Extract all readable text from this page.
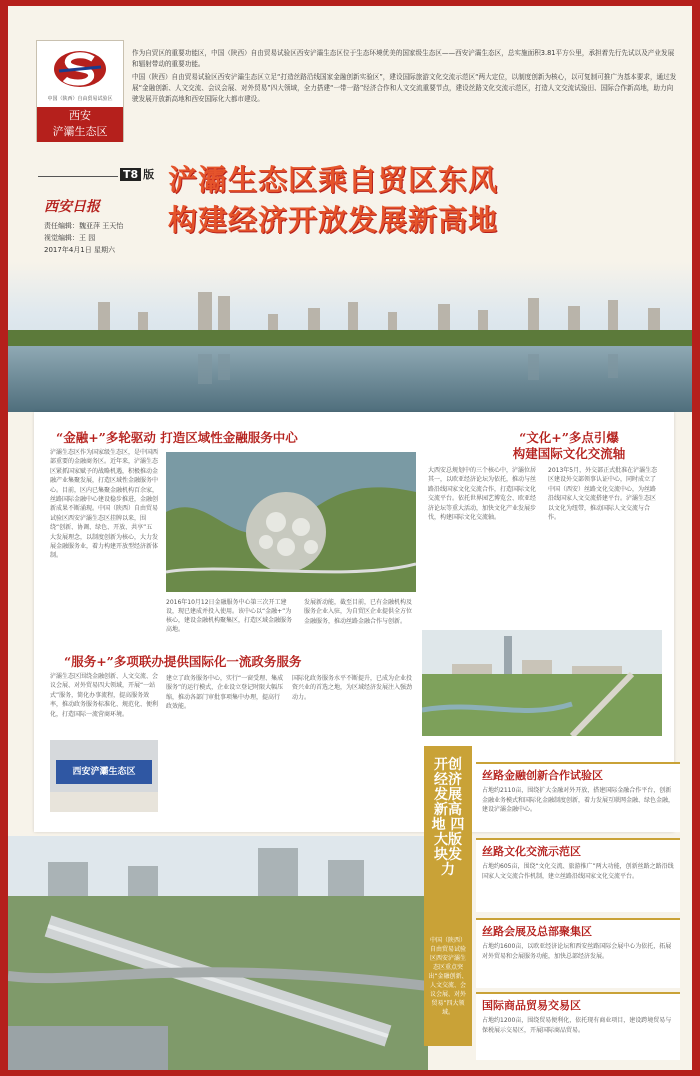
中国（陕西）自由贸易试验区
西安
浐灞生态区

作为自贸区的重要功能区，中国（陕西）自由贸易试验区西安浐灞生态区位于生态环境优美的国家级生态区——西安浐灞生态区，总实施面积3.81平方公里，承担着先行先试以及产业发展和辐射带动的重要功能。

中国（陕西）自由贸易试验区西安浐灞生态区立足“打造丝路沿线国家金融创新实验区”，建设国际旅游文化交流示范区“两大定位，以制度创新为核心，以可复制可推广为基本要求，通过发展“金融创新、人文交流、会议会展、对外贸易”四大领域，全力搭建“一带一路”经济合作和人文交流重要节点，建设丝路文化交流示范区，打造人文交流试验田、国际合作新高地，助力向驶发展开放新高地和西安国际化大都市建设。

T8 版
西安日报
责任编辑：魏亚萍 王天怡
视觉编辑：王 园
2017年4月1日 星期六
浐灞生态区乘自贸区东风
构建经济开放发展新高地
“金融+”多轮驱动 打造区域性金融服务中心
浐灞生态区作为国家级生态区，是中国西部重要的金融商务区。近年来，浐灞生态区紧抓国家赋予的战略机遇，积极推动金融产业集聚发展，打造区域性金融服务中心。目前，区内已集聚金融机构百余家，丝路国际金融中心建设稳步推进，金融创新成果不断涌现。中国（陕西）自由贸易试验区西安浐灞生态区挂牌以来，围绕“创新、协调、绿色、开放、共享”五大发展理念，以制度创新为核心，大力发展金融服务业，着力构建开放型经济新体制。
2016年10月12日金融服务中心第三次开工建设，现已建成并投入使用。该中心以“金融+”为核心，建设金融机构聚集区，打造区域金融服务高地。
发展新动能，截至目前，已有金融机构及服务企业入驻，为自贸区企业提供全方位金融服务，推动丝路金融合作与创新。
“文化+”多点引爆
构建国际文化交流轴
大西安总规划中的三个核心中，浐灞位居其一，以欧亚经济论坛为依托，推动与丝路沿线国家文化交流合作，打造国际文化交流平台。依托世界园艺博览会、欧亚经济论坛等重大活动，加快文化产业发展步伐，构建国际文化交流轴。
2013年5月，外交部正式批准在浐灞生态区建设外交部领事认证中心，同时成立了中国（西安）丝路文化交流中心，为丝路沿线国家人文交流搭建平台。浐灞生态区以文化为纽带，推动国际人文交流与合作。
“服务+”多项联办提供国际化一流政务服务
浐灞生态区围绕金融创新、人文交流、会议会展、对外贸易四大领域，开展“一站式”服务，简化办事流程，提高服务效率，推动政务服务标准化、规范化、便利化，打造国际一流营商环境。
建立了政务服务中心，实行“一窗受理、集成服务”的运行模式，企业设立登记时限大幅压缩，推动各部门审批事项集中办理，提高行政效能。
国际化政务服务水平不断提升，已成为企业投资兴业的首选之地，为区域经济发展注入强劲动力。
西安浐灞生态区	开创经济发展新高地 四大版块发力
中国（陕西）自由贸易试验区西安浐灞生态区重点突出“金融创新、人文交流、会议会展、对外贸易”四大领域。
丝路金融创新合作试验区
占地约2110亩，围绕扩大金融对外开放，搭建国际金融合作平台，创新金融业务模式和国际化金融制度创新，着力发展互联网金融、绿色金融，建设浐灞金融中心。
丝路文化交流示范区
占地约605亩，围绕“文化交流、旅游推广”两大功能，创新丝路之路沿线国家人文交流合作机制，建立丝路沿线国家文化交流平台。
丝路会展及总部聚集区
占地约1600亩，以欧亚经济论坛和西安丝路国际会展中心为依托，拓展对外贸易和会展服务功能，加快总部经济发展。
国际商品贸易交易区
占地约1200亩，围绕贸易便利化，依托现有商业项目，建设跨境贸易与保税展示交易区，开展国际商品贸易。
